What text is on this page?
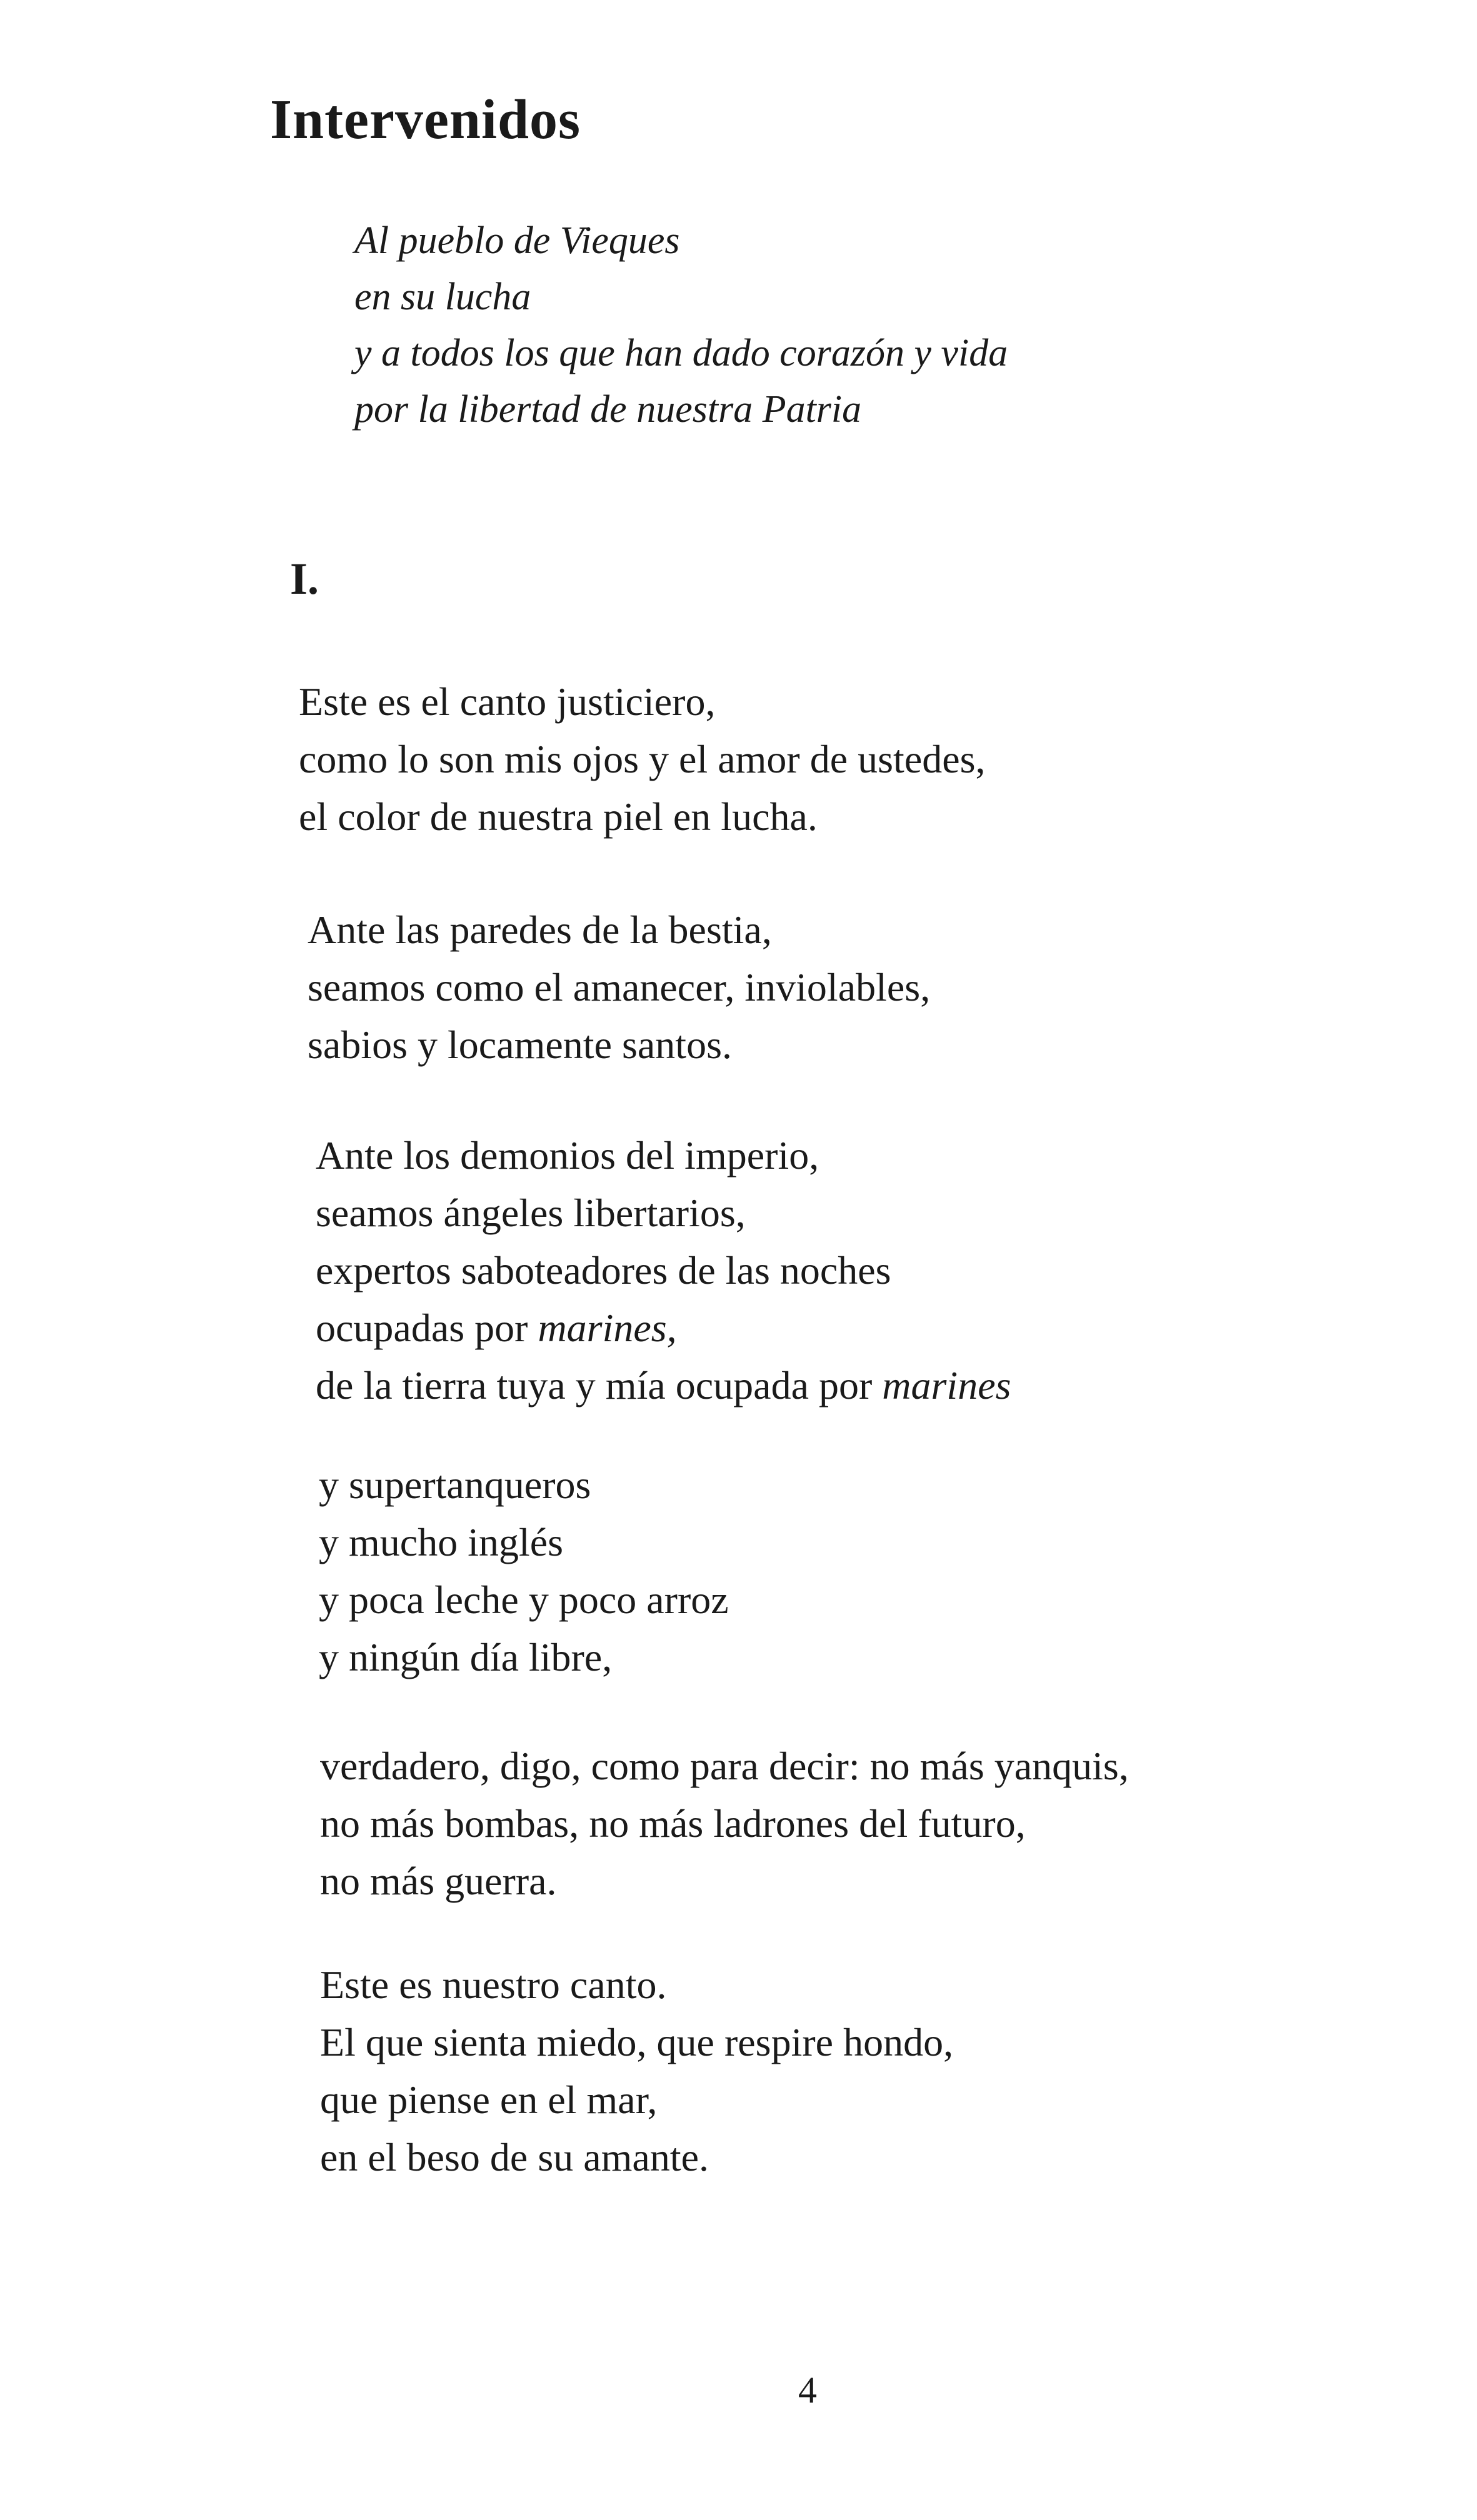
Intervenidos
Al pueblo de Vieques
en su lucha
y a todos los que han dado corazón y vida
por la libertad de nuestra Patria
I.
Este es el canto justiciero,
como lo son mis ojos y el amor de ustedes,
el color de nuestra piel en lucha.
Ante las paredes de la bestia,
seamos como el amanecer, inviolables,
sabios y locamente santos.
Ante los demonios del imperio,
seamos ángeles libertarios,
expertos saboteadores de las noches
ocupadas por marines,
de la tierra tuya y mía ocupada por marines
y supertanqueros
y mucho inglés
y poca leche y poco arroz
y ningún día libre,
verdadero, digo, como para decir: no más yanquis,
no más bombas, no más ladrones del futuro,
no más guerra.
Este es nuestro canto.
El que sienta miedo, que respire hondo,
que piense en el mar,
en el beso de su amante.
4
